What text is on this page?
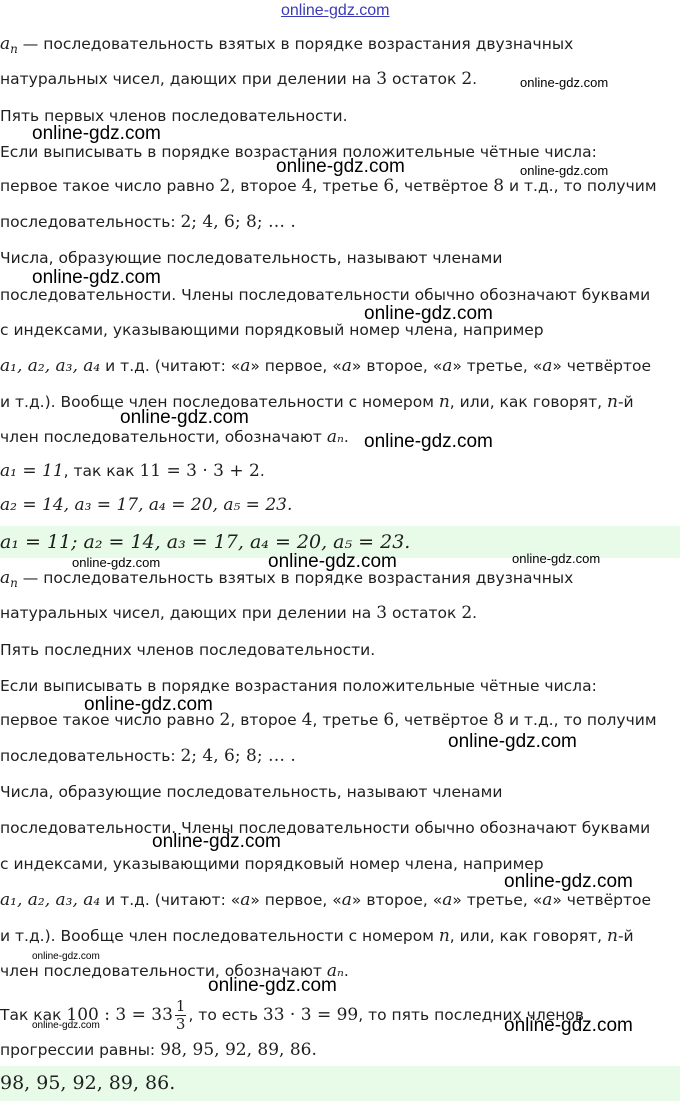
online-gdz.com
$a_n$ — последовательность взятых в порядке возрастания двузначных
натуральных чисел, дающих при делении на 3 остаток 2.
Пять первых членов последовательности.
Если выписывать в порядке возрастания положительные чётные числа:
первое такое число равно 2, второе 4, третье 6, четвёртое 8 и т.д., то получим
последовательность: 2; 4, 6; 8; … .
Числа, образующие последовательность, называют членами
последовательности. Члены последовательности обычно обозначают буквами
с индексами, указывающими порядковый номер члена, например
a₁, a₂, a₃, a₄ и т.д. (читают: «a» первое, «a» второе, «a» третье, «a» четвёртое
и т.д.). Вообще член последовательности с номером n, или, как говорят, n-й
член последовательности, обозначают aₙ.
a₁ = 11, так как 11 = 3 · 3 + 2.
a₂ = 14, a₃ = 17, a₄ = 20, a₅ = 23.
a₁ = 11; a₂ = 14, a₃ = 17, a₄ = 20, a₅ = 23.
$a_n$ — последовательность взятых в порядке возрастания двузначных
натуральных чисел, дающих при делении на 3 остаток 2.
Пять последних членов последовательности.
Если выписывать в порядке возрастания положительные чётные числа:
первое такое число равно 2, второе 4, третье 6, четвёртое 8 и т.д., то получим
последовательность: 2; 4, 6; 8; … .
Числа, образующие последовательность, называют членами
последовательности. Члены последовательности обычно обозначают буквами
с индексами, указывающими порядковый номер члена, например
a₁, a₂, a₃, a₄ и т.д. (читают: «a» первое, «a» второе, «a» третье, «a» четвёртое
и т.д.). Вообще член последовательности с номером n, или, как говорят, n-й
член последовательности, обозначают aₙ.
Так как 100 : $3 = 33 \frac{1}{3}$ , то есть 33 · 3 = 99, то пять последних членов
прогрессии равны: 98, 95, 92, 89, 86.
98, 95, 92, 89, 86.
online-gdz.com
online-gdz.com
online-gdz.com	online-gdz.com
online-gdz.com
online-gdz.com
online-gdz.com
online-gdz.com
online-gdz.com
online-gdz.com
online-gdz.com
online-gdz.com
online-gdz.com
online-gdz.com
online-gdz.com
online-gdz.com
online-gdz.com
online-gdz.com	online-gdz.com
